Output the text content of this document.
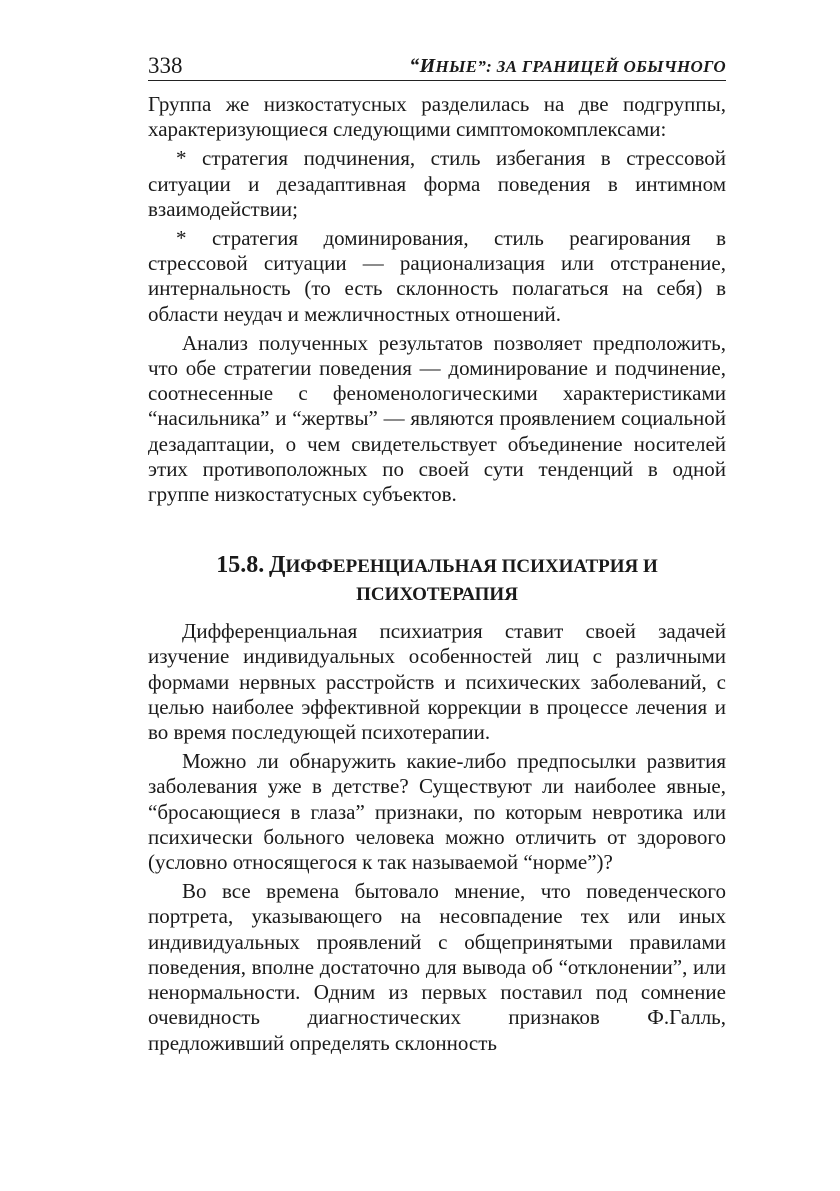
338	“ИНЫЕ”: ЗА ГРАНИЦЕЙ ОБЫЧНОГО

Группа же низкостатусных разделилась на две подгруппы, характеризующиеся следующими симптомокомплексами:

* стратегия подчинения, стиль избегания в стрессовой ситуации и дезадаптивная форма поведения в интимном взаимодействии;

* стратегия доминирования, стиль реагирования в стрессовой ситуации — рационализация или отстранение, интернальность (то есть склонность полагаться на себя) в области неудач и межличностных отношений.

Анализ полученных результатов позволяет предположить, что обе стратегии поведения — доминирование и подчинение, соотнесенные с феноменологическими характеристиками “насильника” и “жертвы” — являются проявлением социальной дезадаптации, о чем свидетельствует объединение носителей этих противоположных по своей сути тенденций в одной группе низкостатусных субъектов.

15.8. ДИФФЕРЕНЦИАЛЬНАЯ ПСИХИАТРИЯ И
ПСИХОТЕРАПИЯ

Дифференциальная психиатрия ставит своей задачей изучение индивидуальных особенностей лиц с различными формами нервных расстройств и психических заболеваний, с целью наиболее эффективной коррекции в процессе лечения и во время последующей психотерапии.

Можно ли обнаружить какие-либо предпосылки развития заболевания уже в детстве? Существуют ли наиболее явные, “бросающиеся в глаза” признаки, по которым невротика или психически больного человека можно отличить от здорового (условно относящегося к так называемой “норме”)?

Во все времена бытовало мнение, что поведенческого портрета, указывающего на несовпадение тех или иных индивидуальных проявлений с общепринятыми правилами поведения, вполне достаточно для вывода об “отклонении”, или ненормальности. Одним из первых поставил под сомнение очевидность диагностических признаков Ф.Галль, предложивший определять склонность
